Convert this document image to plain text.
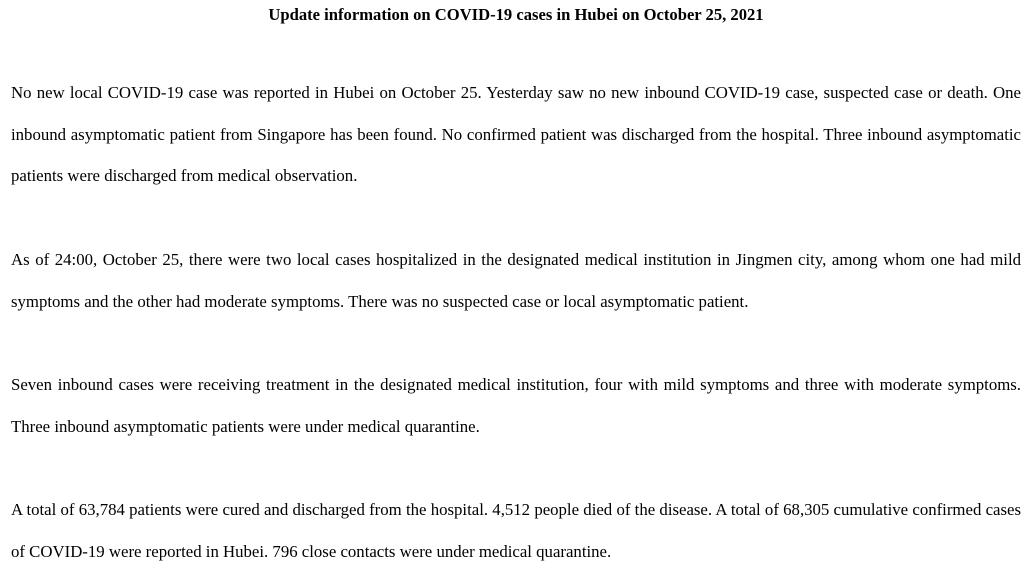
Update information on COVID-19 cases in Hubei on October 25, 2021

No new local COVID-19 case was reported in Hubei on October 25. Yesterday saw no new inbound COVID-19 case, suspected case or death. One inbound asymptomatic patient from Singapore has been found. No confirmed patient was discharged from the hospital. Three inbound asymptomatic patients were discharged from medical observation.

As of 24:00, October 25, there were two local cases hospitalized in the designated medical institution in Jingmen city, among whom one had mild symptoms and the other had moderate symptoms. There was no suspected case or local asymptomatic patient.

Seven inbound cases were receiving treatment in the designated medical institution, four with mild symptoms and three with moderate symptoms. Three inbound asymptomatic patients were under medical quarantine.

A total of 63,784 patients were cured and discharged from the hospital. 4,512 people died of the disease. A total of 68,305 cumulative confirmed cases of COVID-19 were reported in Hubei. 796 close contacts were under medical quarantine.
